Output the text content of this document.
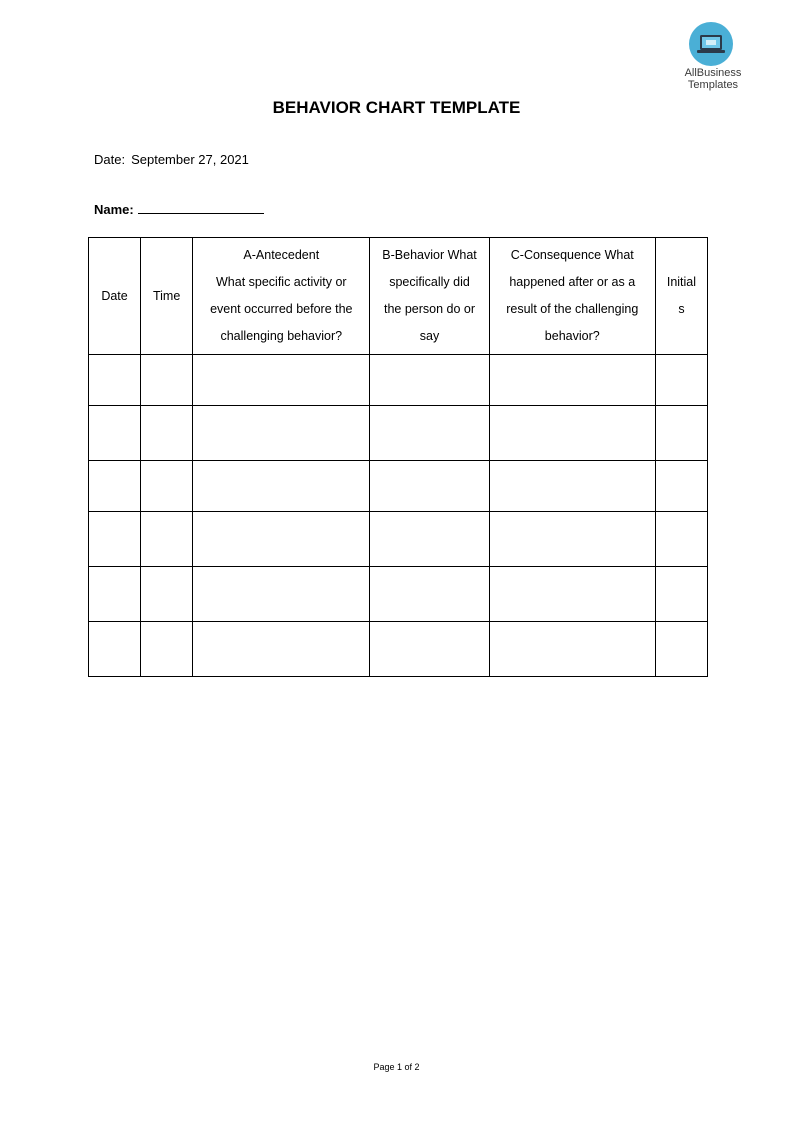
AllBusiness
Templates
BEHAVIOR CHART TEMPLATE
Date: September 27, 2021
Name:
Date	Time	A-Antecedent
What specific activity or
event occurred before the
challenging behavior?	B-Behavior What
specifically did
the person do or
say	C-Consequence What
happened after or as a
result of the challenging
behavior?	Initial
s

Page 1 of 2
